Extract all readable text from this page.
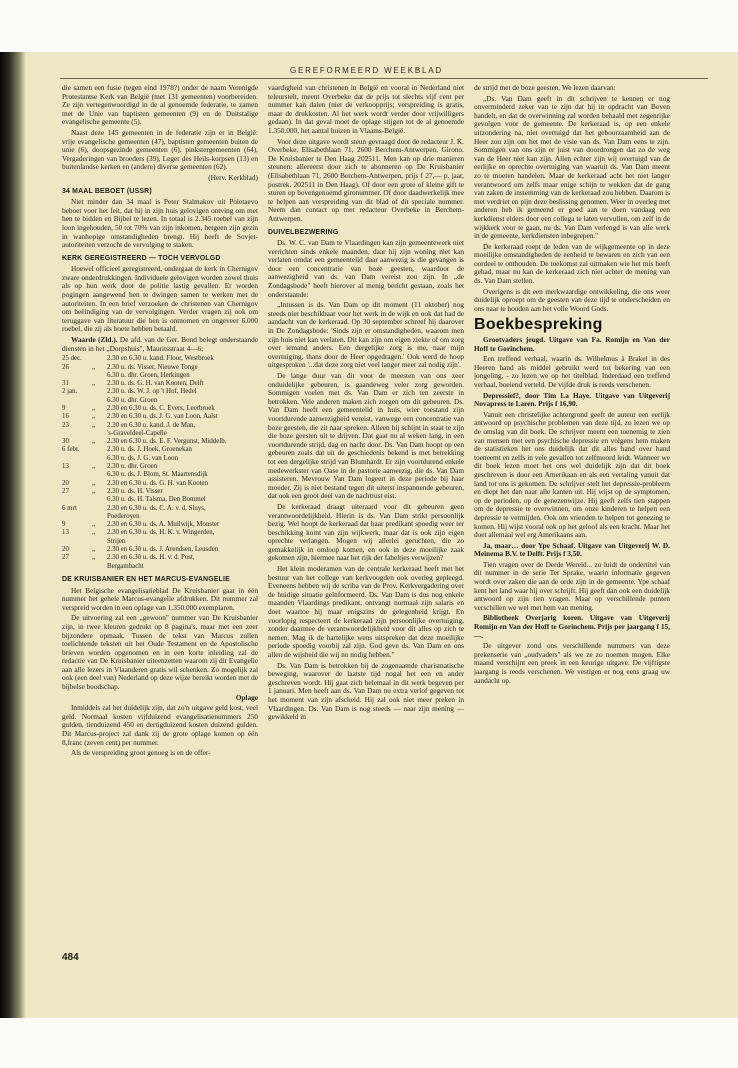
GEREFORMEERD WEEKBLAD

die samen een fusie (tegen eind 1978?) onder de naam Verenigde Protestantse Kerk van België (met 131 gemeenten) voorbereiden. Ze zijn vertegenwoordigd in de al genoemde federatie, te zamen met de Unie van baptisten gemeenten (9) en de Duitstalige evangelische gemeente (5).

Naast deze 145 gemeenten in de federatie zijn er in België: vrije evangelische gemeenten (47), baptisten gemeenten buiten de unie (6), doopsgezinde gemeenten (6), pinkstergemeenten (64), Vergaderingen van broeders (39), Leger des Heils-korpsen (13) en buitenlandse kerken en (andere) diverse gemeenten (62).

(Herv. Kerkblad)

34 MAAL BEBOET (USSR)

Niet minder dan 34 maal is Peter Stalmakov uit Poletaevo beboet voor het feit, dat hij in zijn huis gelovigen ontving om met hen te bidden en Bijbel te lezen. In totaal is 2.345 roebel van zijn loon ingehouden, 50 tot 70% van zijn inkomen, hetgeen zijn gezin in wanhopige omstandigheden brengt. Hij heeft de Sovjet-autoriteiten verzocht de vervolging te staken.

KERK GEREGISTREERD — TOCH VERVOLGD

Hoewel officieel geregistreerd, ondergaat de kerk in Chernigov zware onderdrukkingen. Individuele gelovigen worden zowel thuis als op hun werk door de politie lastig gevallen. Er worden pogingen aangewend hen te dwingen samen te werken met de autoriteiten. In een brief verzoeken de christenen van Chernigov om beëindiging van de vervolgingen. Verder vragen zij ook om teruggave van literatuur die hen is ontnomen en ongeveer 6.000 roebel, die zij als boete hebben betaald.

Waarde (Zld.). De afd. van de Ger. Bond belegt onderstaande diensten in het „Dorpshuis", Mauritsstraat 4—6:

25 dec.		2.30 en 6.30 u. kand. Floor, Westbroek
26	„	2.30 u. ds. Visser, Nieuwe Tonge
		6.30 u. dhr. Groen, Herkingen
31	„	2.30 u. ds. G. H. van Kooten, Delft
2 jan.		2.30 u. ds. W. J. op 't Hof, Hedel
		6.30 u. dhr. Groen
9	„	2.30 en 6.30 u. ds. C. Evers, Leerbroek
16	„	2.30 en 6.30 u. ds. J. G. van Loon, Aalst
23	„	2.30 en 6.30 u. kand. J. de Man,
		's-Graveldeel-Capelle
30	„	2.30 en 6.30 u. ds. E. F. Vergunst, Middelb.
6 febr.		2.30 u. ds. J. Hoek, Groenekan
		6.30 u. ds. J. G. van Loon
13	„	2.30 u. dhr. Groen
		6.30 u. ds. J. Blom, St. Maartensdijk
20	„	2.30 en 6.30 u. ds. G. H. van Kooten
27	„	2.30 u. ds. H. Visser
		6.30 u. ds. H. Talsma, Den Bommel
6 mrt		2.30 en 6.30 u. ds. C. A. v. d. Sluys,
		Poederoyen
9	„	2.30 en 6.30 u. ds. A. Muilwijk, Monster
13	„	2.30 en 6.30 u. ds. H. K. v. Wingerden,
		Strijen
20	„	2.30 en 6.30 u. ds. J. Arendsen, Leusden
27	„	2.30 en 6.30 u. ds. H. v. d. Post,
		Bergambacht
DE KRUISBANIER EN HET MARCUS-EVANGELIE

Het Belgische evangelisatieblad De Kruisbanier gaat in één nummer het gehele Marcus-evangelie afdrukken. Dit nummer zal verspreid worden in een oplage van 1.350.000 exemplaren.

De uitvoering zal een „gewoon" nummer van De Kruisbanier zijn, in twee kleuren gedrukt op 8 pagina's, maar met een zeer bijzondere opmaak. Tussen de tekst van Marcus zullen toelichtende teksten uit het Oude Testament en de Apostolische brieven worden opgenomen en in een korte inleiding zal de redactie van De Kruisbanier uiteenzetten waarom zij dit Evangelie aan alle lezers in Vlaanderen gratis wil schenken. Zo mogelijk zal ook (een deel van) Nederland op deze wijze bereikt worden met de bijbelse boodschap.

Oplage

Inmiddels zal het duidelijk zijn, dat zo'n uitgave geld kost, veel geld. Normaal kosten vijfduizend evangelisatienummers 250 gulden, tienduizend 450 en dertigduizend kosten duizend gulden. Dit Marcus-project zal dank zij de grote oplage komen op één 8,franc (zeven cent) per nummer.

Als de verspreiding groot genoeg is en de offer-

vaardigheid van christenen in België en vooral in Nederland niet teleurstelt, meent Overbeke dat de prijs tot slechts vijf cent per nummer kan dalen (niet de verkoopprijs; verspreiding is gratis, maar de drukkosten. Al het werk wordt verder door vrijwilligers gedaan). In dat geval moet de oplage stijgen tot de al genoemde 1.350.000, het aantal huizen in Vlaams-België.

Voor deze uitgave wordt steun gevraagd door de redacteur J. K. Overbeke, Elisabethlaan 71, 2600 Berchem-Antwerpen. Girono. De Kruisbanier te Den Haag 202511. Men kan op drie manieren steunen: allereerst door zich te abonneren op De Kruisbanier (Elisabethlaan 71, 2600 Berchem-Antwerpen, prijs f 27,— p. jaar, postrek. 202511 in Den Haag). Of door een grote of kleine gift te sturen op bovengenoemd gironummer. Of door daadwerkelijk mee te helpen aan verspreiding van dit blad of dit speciale nummer. Neem dan contact op met redacteur Overbeke in Berchem-Antwerpen.

DUIVELBEZWERING

Ds. W. C. van Dam te Vlaardingen kan zijn gemeentewerk niet verrichten sinds enkele maanden, daar hij zijn woning niet kan verlaten omdat een gemeentelid daar aanwezig is die gevangen is door een concentratie van boze geesten, waardoor de aanwezigheid van ds. van Dam vereist zou zijn. In „de Zondagsbode" heeft hierover al menig bericht gestaan, zoals het onderstaande:

„Intussen is ds. Van Dam op dit moment (11 oktober) nog steeds niet beschikbaar voor het werk in de wijk en ook dat had de aandacht van de kerkeraad. Op 30 september schreef hij daarover in De Zondagsbode: 'Sinds zijn er omstandigheden, waarom men zijn huis niet kan verlaten. Dit kan zijn om eigen ziekte of om zorg over iemand anders. Een dergelijke zorg is me, naar mijn overtuiging, thans door de Heer opgedragen.' Ook werd de hoop uitgesproken '...dat deze zorg niet veel langer meer zal nodig zijn'.

De lange duur van dit voor de meesten van ons zeer onduidelijke gebeuren, is gaandeweg veler zorg geworden. Sommigen voelen met ds. Van Dam er zich ten zeerste in betrokken. Vele anderen maken zich zorgen om dit gebeuren. Ds. Van Dam heeft een gemeentelid in huis, wier toestand zijn voortdurende aanwezigheid vereist, vanwege een concentratie van boze geesten, die zit naar spreken. Alleen hij schijnt in staat te zijn die boze geesten uit te drijven. Dat gaat nu al weken lang, in een voortdurende strijd, dag en nacht door. Ds. Van Dam hoopt op een gebeuren zoals dat uit de geschiedenis bekend is met betrekking tot een dergelijke strijd van Blumhardt. Er zijn voortdurend enkele medewerkster van Oase in de pastorie aanwezig, die ds. Van Dam assisteren. Mevrouw Van Dam logeert in deze periode bij haar moeder. Zij is niet bestand tegen dit uiterst inspannende gebeuren, dat ook een groot deel van de nachtrust eist.

De kerkeraad draagt uiteraard voor dit gebeuren geen verantwoordelijkheid. Hierin is ds. Van Dam strikt persoonlijk bezig. Wel hoopt de kerkeraad dat haar predikant spoedig weer ter beschikking komt van zijn wijkwerk, maar dat is ook zijn eigen oprechte verlangen. Mogen wij allerlei geruchten, die zo gemakkelijk in omloop komen, en ook in deze moeilijke zaak gekomen zijn, hiermee naar het rijk der fabeltjes verwijzen?

Het klein moderamen van de centrale kerkeraad heeft met het bestuur van het college van kerkvoogden ook overleg gepleegd. Eveneens hebben wij de scriba van de Prov. Kerkvergadering over de huidige situatie geïnformeerd. Ds. Van Dam is dus nog enkele maanden Vlaardings predikant, ontvangt normaal zijn salaris en doet waartoe hij maar enigszins de gelegenheid krijgt. En voorlopig respecteert de kerkeraad zijn persoonlijke overtuiging, zonder daarmee de verantwoordelijkheid voor dit alles op zich te nemen. Mag ik de hartelijke wens uitspreken dat deze moeilijke periode spoedig voorbij zal zijn. God geve ds. Van Dam en ons allen de wijsheid die wij nu nodig hebben."

Ds. Van Dam is betrokken bij de zogenaamde charismatische beweging, waarover de laatste tijd nogal het een en ander geschreven wordt. Hij gaat zich helemaal in dit werk begeven per 1 januari. Men heeft aan ds. Van Dam nu extra verlof gegeven tot het moment van zijn afscheid. Hij zal ook niet meer preken in Vlaardingen. Ds. Van Dam is nog steeds — naar zijn mening — gewikkeld in

de strijd met de boze geesten. We lezen daarvan:

„Ds. Van Dam geeft in dit schrijven te kennen er nog onverminderd zeker van te zijn dat hij in opdracht van Boven handelt, en dat de overwinning zal worden behaald met zegenrijke gevolgen voor de gemeente. De kerkeraad is, op een enkele uitzondering na, niet overtuigd dat het geboorzaamheid aan de Heer zou zijn om het met de visie van ds. Van Dam eens te zijn. Sommigen van ons zijn er juist van doordrongen dat zo de weg van de Heer niet kan zijn. Allen echter zijn wij overtuigd van de eerlijke en oprechte overtuiging van waaruit ds. Van Dam meent zo te moeten handelen. Maar de kerkeraad acht het niet langer verantwoord om zelfs maar enige schijn te wekken dat de gang van zaken de instemming van de kerkeraad zou hebben. Daarom is met verdriet en pijn deze beslissing genomen. Weer in overleg met anderen heb ik gemeend er goed aan te doen vandaag een kerkdienst elders door een collega te laten vervullen, om zelf in de wijkkerk voor te gaan, nu ds. Van Dam verlengd is van alle werk in de gemeente, kerkdiensten inbegrepen."

De kerkeraad roept de leden van de wijkgemeente op in deze moeilijke omstandigheden de eenheid te bewaren en zich van een oordeel te onthouden. De toekomst zal uitmaken wie het mis heeft gehad, maar nu kan de kerkeraad zich niet achter de mening van ds. Van Dam stellen.

Overigens is dit een merkwaardige ontwikkeling, die ons weer duidelijk oproept om de geesten van deze tijd te onderscheiden en ons naar te houden aan het volle Woord Gods.

Boekbespreking

Grootvaders jeugd. Uitgave van Fa. Romijn en Van der Hoff te Gorinchem.

Een treffend verhaal, waarin ds. Wilhelmus à Brakel in des Heeren hand als middel gebruikt werd tot bekering van een jongeling, - zo lezen we op het titelblad. Inderdaad een treffend verhaal, boeiend verteld. De vijfde druk is reeds verschenen.

Depressief?, door Tim La Haye. Uitgave van Uitgeverij Novapress te Laren. Prijs f 16,90.

Vanuit een christelijke achtergrond geeft de auteur een eerlijk antwoord op psychische problemen van deze tijd, zo lezen we op de omslag van dit boek. De schrijver meent een toenemig te zien van mensen met een psychische depressie en volgens hem maken de statistieken het ons duidelijk dat dit alles hand over hand toeneemt en zelfs in vele gevallen tot zelfmoord leidt. Wanneer we dit boek lezen moet het ons wel duidelijk zijn dat dit boek geschreven is door een Amerikaan en als een vertaling vanuit dat land tot ons is gekomen. De schrijver stelt het depressie-probleem en diept het dan naar alle kanten uit. Hij wijst op de symptomen, op de perioden, op de genezenwijze. Hij geeft zelfs tien stappen om de depressie te overwinnen, om onze kinderen te helpen een depressie te vermijden. Ook om vrienden te helpen tot genezing te komen. Hij wijst vooral ook op het geloof als een kracht. Maar het doet allemaal wel erg Amerikaans aan.

Ja, maar… door Ype Schaaf. Uitgave van Uitgeverij W. D. Meinema B.V. te Delft. Prijs f 3,50.

Tien vragen over de Derde Wereld... zo luidt de ondertitel van dit nummer in de serie Ter Sprake, waarin informatie gegeven wordt over zaken die aan de orde zijn in de gemeente. Ype schaaf kent het land waar hij over schrijft. Hij geeft dan ook een duidelijk antwoord op zijn tien vragen. Maar op verschillende punten verschillen we wel met hem van mening.

Bibliotheek Overjarig koren. Uitgave van Uitgeverij Romijn en Van der Hoff te Gorinchem. Prijs per jaargang f 15,—.

De uitgever zond ons verschillende nummers van deze prekenserie van „oudvaders" als we ze zo noemen mogen. Elke maand verschijnt een preek in een keurige uitgave. De vijftigste jaargang is reeds verschenen. We vestigen er nog eens graag uw aandacht op.

484
